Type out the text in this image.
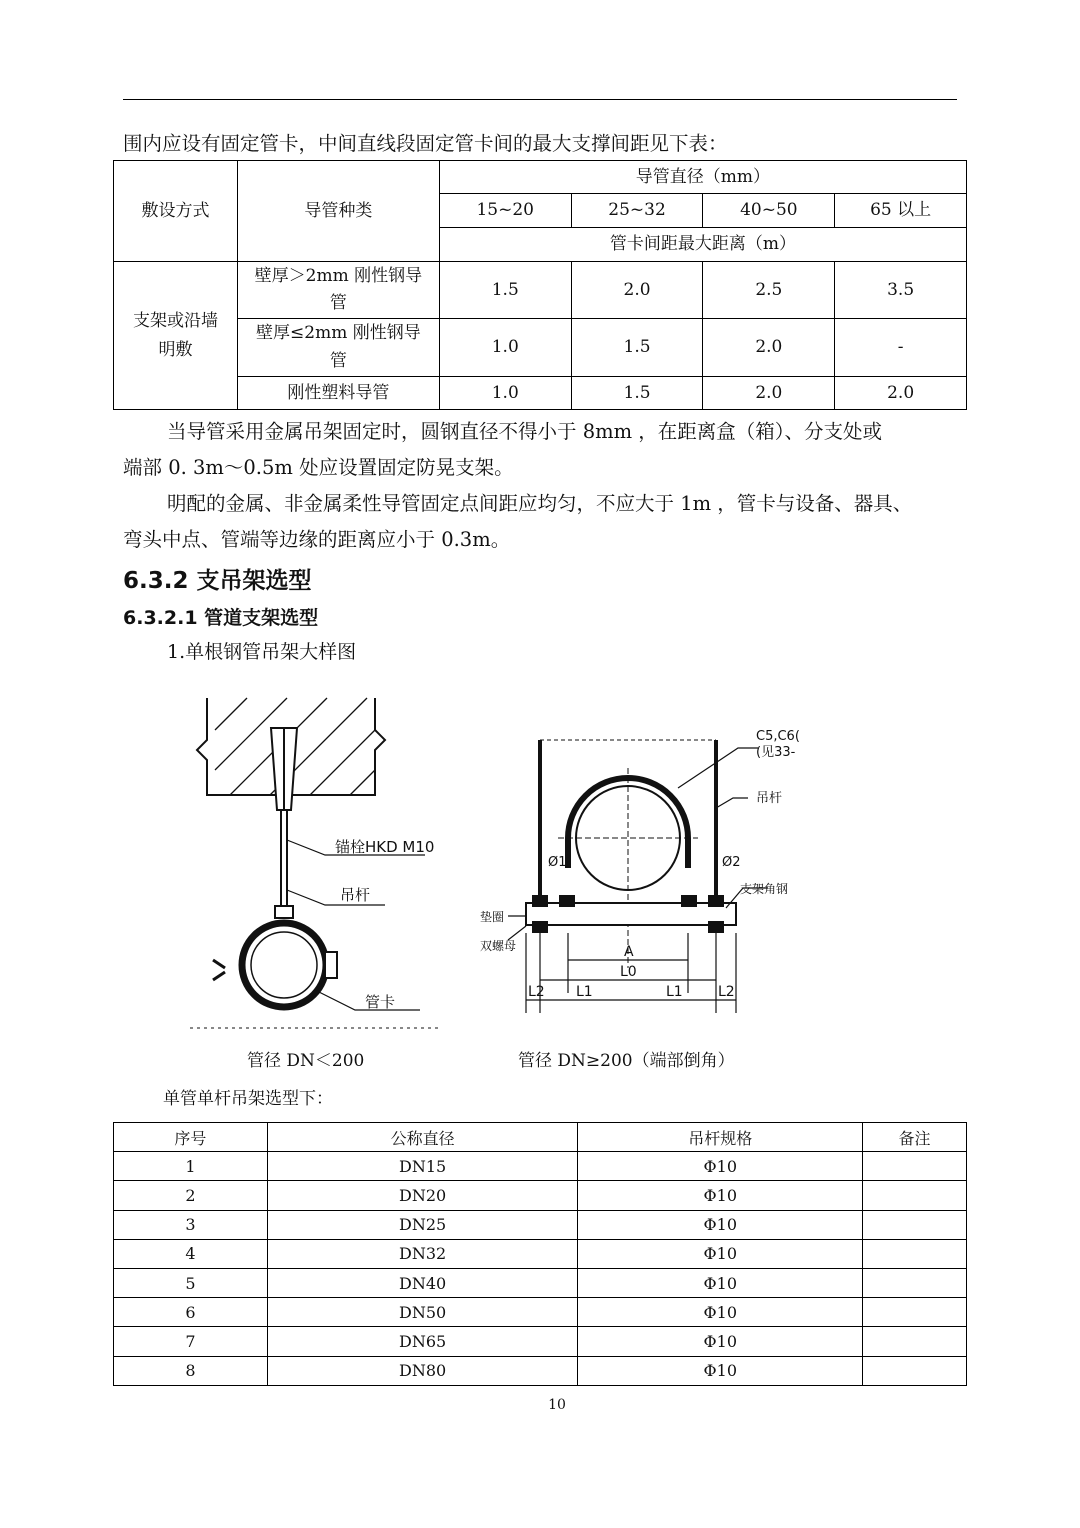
围内应设有固定管卡，中间直线段固定管卡间的最大支撑间距见下表：
敷设方式	导管种类	导管直径（mm）			
		15~20	25~32	40~50	65 以上
		管卡间距最大距离（m）			

支架或沿墙明敷	壁厚＞2mm 刚性钢导管	1.5	2.0	2.5	3.5

	壁厚≤2mm 刚性钢导管	1.0	1.5	2.0	-
	刚性塑料导管	1.0	1.5	2.0	2.0
当导管采用金属吊架固定时，圆钢直径不得小于 8mm ，在距离盒（箱）、分支处或
端部 0. 3m～0.5m 处应设置固定防晃支架。
明配的金属、非金属柔性导管固定点间距应均匀，不应大于 1m ，管卡与设备、器具、
弯头中点、管端等边缘的距离应小于 0.3m。
6.3.2 支吊架选型
6.3.2.1 管道支架选型
1.单根钢管吊架大样图
锚栓HKD M10
吊杆
管卡
管径 DN＜200
C5,C6(
(见33-
吊杆
Ø1	Ø2
支架角钢
垫圈
双螺母	A
L0
L1	L1
L2	L2
管径 DN≥200（端部倒角）
单管单杆吊架选型下：
序号	公称直径	吊杆规格	备注
1	DN15	Φ10	
2	DN20	Φ10	
3	DN25	Φ10	
4	DN32	Φ10	
5	DN40	Φ10	
6	DN50	Φ10	
7	DN65	Φ10	
8	DN80	Φ10	
10
